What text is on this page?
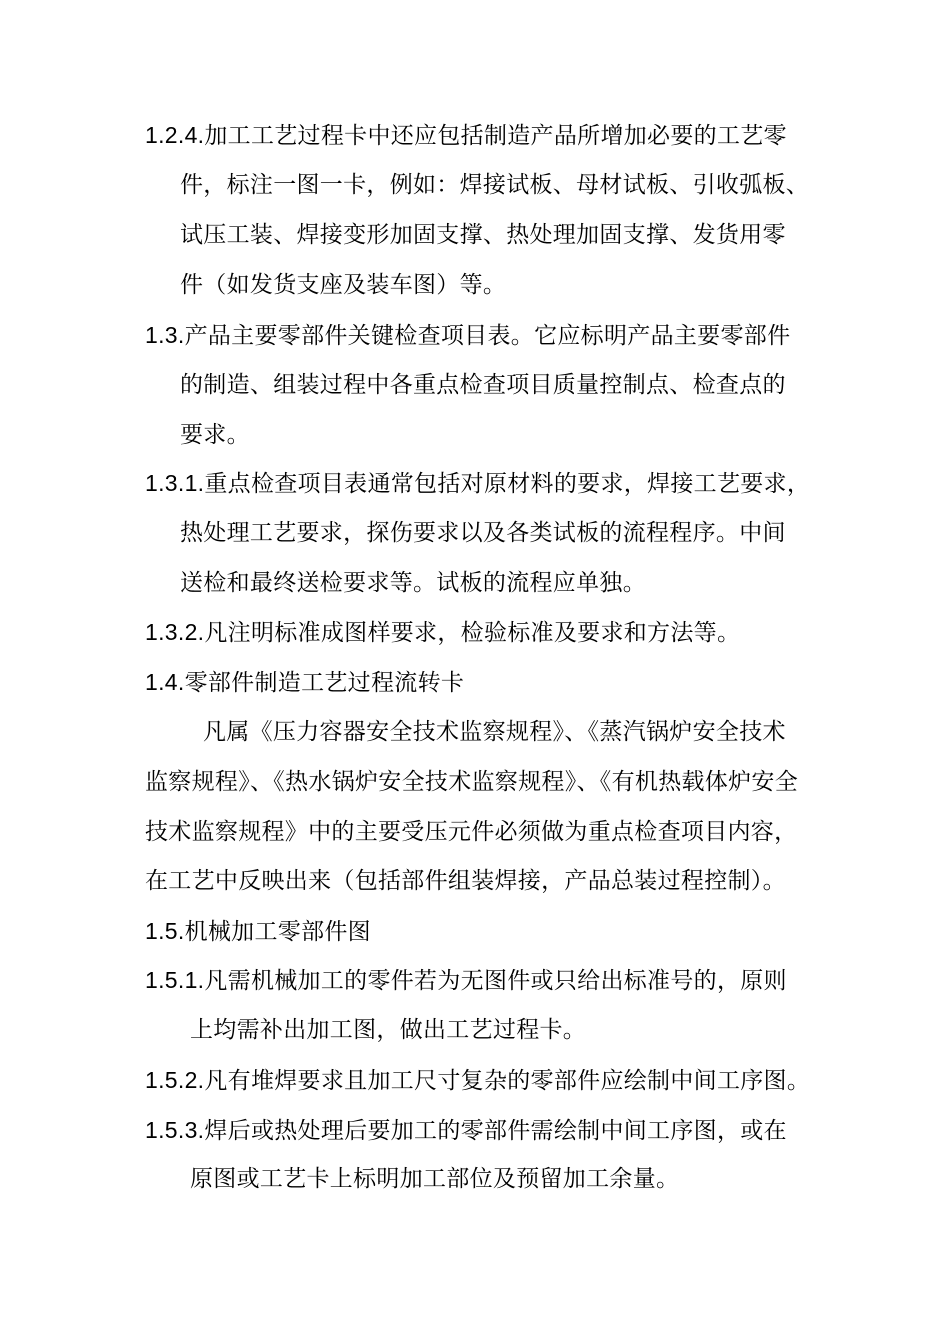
1.2.4.加工工艺过程卡中还应包括制造产品所增加必要的工艺零
件，标注一图一卡，例如：焊接试板、母材试板、引收弧板、
试压工装、焊接变形加固支撑、热处理加固支撑、发货用零
件（如发货支座及装车图）等。
1.3.产品主要零部件关键检查项目表。它应标明产品主要零部件
的制造、组装过程中各重点检查项目质量控制点、检查点的
要求。
1.3.1.重点检查项目表通常包括对原材料的要求，焊接工艺要求，
热处理工艺要求，探伤要求以及各类试板的流程程序。中间
送检和最终送检要求等。试板的流程应单独。
1.3.2.凡注明标准成图样要求，检验标准及要求和方法等。
1.4.零部件制造工艺过程流转卡
凡属《压力容器安全技术监察规程》、《蒸汽锅炉安全技术
监察规程》、《热水锅炉安全技术监察规程》、《有机热载体炉安全
技术监察规程》中的主要受压元件必须做为重点检查项目内容，
在工艺中反映出来（包括部件组装焊接，产品总装过程控制）。
1.5.机械加工零部件图
1.5.1.凡需机械加工的零件若为无图件或只给出标准号的，原则
上均需补出加工图，做出工艺过程卡。
1.5.2.凡有堆焊要求且加工尺寸复杂的零部件应绘制中间工序图。
1.5.3.焊后或热处理后要加工的零部件需绘制中间工序图，或在
原图或工艺卡上标明加工部位及预留加工余量。
